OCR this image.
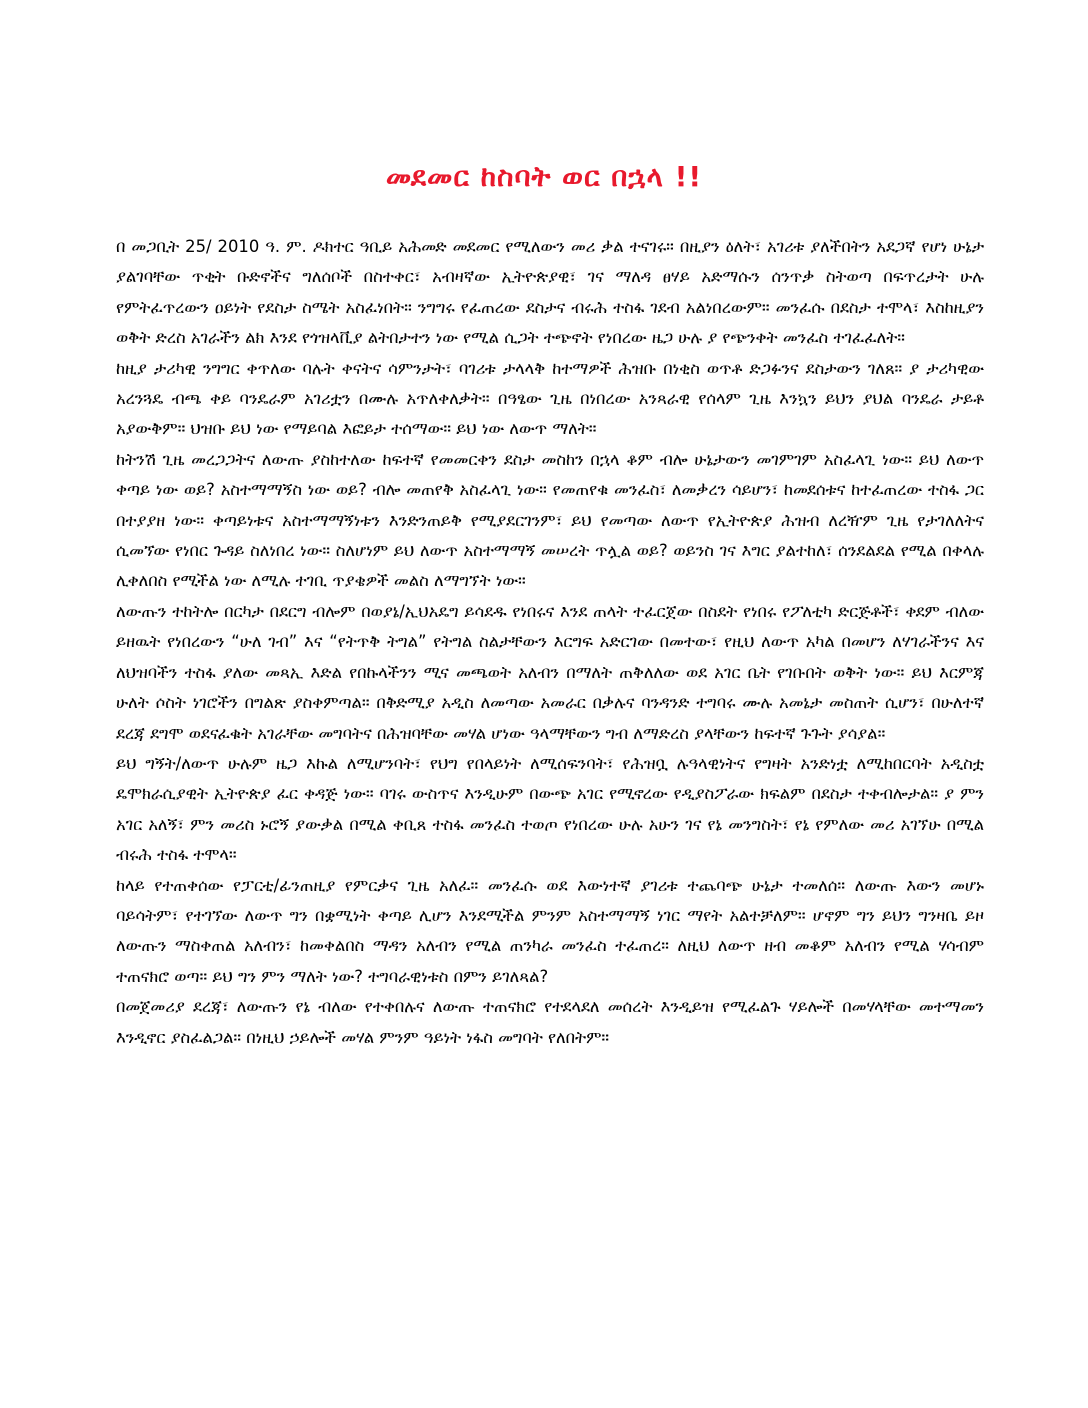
መደመር ከስባት ወር በኋላ !!

በ መጋቢት 25/ 2010 ዓ. ም. ዶክተር ዓቢይ አሕመድ መደመር የሚለውን መሪ ቃል ተናገሩ። በዚያን ዕለት፣ አገሪቱ ያለችበትን አደጋኛ የሆነ ሁኔታ ያልገባቸው ጥቂት ቡድኖችና ግለሰቦች በስተቀር፣ አብዛኛው ኢትዮጵያዊ፣ ገና ማለዳ ፀሃይ አድማሱን ሰንጥቃ ስትወጣ በፍጥረታት ሁሉ የምትፈጥረውን ዐይነት የደስታ ስሜት አስፈነበት። ንግግሩ የፈጠረው ደስታና ብሩሕ ተስፋ ገደብ አልነበረውም። መንፈሱ በደስታ ተሞላ፣ እስከዚያን ወቅት ድረስ አገራችን ልክ እንደ የጎዝላቪያ ልትበታተን ነው የሚል ሲጋት ተጭኖት የነበረው ዜጋ ሁሉ ያ የጭንቀት መንፈስ ተገፈፈለት።

ከዚያ ታሪካዊ ንግግር ቀጥለው ባሉት ቀናትና ሳምንታት፣ ባገሪቱ ታላላቅ ከተማዎች ሕዝቡ በነቂስ ወጥቶ ድጋፉንና ደስታውን ገለጸ። ያ ታሪካዊው አረንጓዴ ብጫ ቀይ ባንዴራም አገሪቷን በሙሉ አጥለቀለቃት። በዓፄው ጊዜ በነበረው አንጻራዊ የሰላም ጊዜ እንኳን ይህን ያህል ባንዴራ ታይቶ አያውቅም። ህዝቡ ይህ ነው የማይባል እፎይታ ተሰማው። ይህ ነው ለውጥ ማለት።

ከትንሽ ጊዜ መረጋጋትና ለውጡ ያስከተለው ከፍተኛ የመመርቀን ደስታ መስከን በኋላ ቆም ብሎ ሁኔታውን መገምገም አስፈላጊ ነው። ይህ ለውጥ ቀጣይ ነው ወይ? አስተማማኝስ ነው ወይ? ብሎ መጠየቅ አስፈላጊ ነው። የመጠየቁ መንፈስ፣ ለመቃረን ሳይሆን፣ ከመደሰቱና ከተፈጠረው ተስፋ ጋር በተያያዘ ነው። ቀጣይነቱና አስተማማኝነቱን እንድንጠይቅ የሚያደርገንም፣ ይህ የመጣው ለውጥ የኢትዮጵያ ሕዝብ ለረዥም ጊዜ የታገለለትና ሲመኘው የነበር ጉዳይ ስለነበረ ነው። ስለሆነም ይህ ለውጥ አስተማማኝ መሠረት ጥሏል ወይ? ወይንስ ገና እግር ያልተከለ፣ ሰንደልደል የሚል በቀላሉ ሊቀለበስ የሚችል ነው ለሚሉ ተገቢ ጥያቄዎች መልስ ለማግኘት ነው።

ለውጡን ተከትሎ በርካታ በደርግ ብሎም በወያኔ/ኢህአዴግ ይሳደዱ የነበሩና እንደ ጠላት ተፈርጀው በስደት የነበሩ የፖለቲካ ድርጅቶች፣ ቀደም ብለው ይዘዉት የነበረውን “ሁለ ገብ” እና “የትጥቅ ትግል” የትግል ስልታቸውን እርግፍ አድርገው በመተው፣ የዚህ ለውጥ አካል በመሆን ለሃገራችንና እና ለህዝባችን ተስፋ ያለው መጻኢ እድል የበኩላችንን ሚና መጫወት አለብን በማለት ጠቅለለው ወደ አገር ቤት የገቡበት ወቅት ነው። ይህ እርምጃ ሁለት ሶስት ነገሮችን በግልጽ ያስቀምጣል። በቅድሚያ አዲስ ለመጣው አመራር በቃሉና ባንዳንድ ተግባሩ ሙሉ አመኔታ መስጠት ሲሆን፣ በሁለተኛ ደረጃ ደግሞ ወደናፈቁት አገራቸው መግባትና በሕዝባቸው መሃል ሆነው ዓላማቸውን ግብ ለማድረስ ያላቸውን ከፍተኛ ጉጉት ያሳያል።

ይህ ግኝት/ለውጥ ሁሉም ዜጋ እኩል ለሚሆንባት፣ የህግ የበላይነት ለሚሰፍንባት፣ የሕዝቧ ሉዓላዊነትና የግዛት አንድነቷ ለሚከበርባት አዲስቷ ዴሞክራሲያዊት ኢትዮጵያ ፈር ቀዳጅ ነው። ባገሩ ውስጥና እንዲሁም በውጭ አገር የሚኖረው የዲያስፖራው ክፍልም በደስታ ተቀብሎታል። ያ ምን አገር አለኝ፣ ምን መሪስ ኑሮኝ ያውቃል በሚል ቀቢጸ ተስፋ መንፈስ ተወጦ የነበረው ሁሉ አሁን ገና የኔ መንግስት፣ የኔ የምለው መሪ አገኘሁ በሚል ብሩሕ ተስፋ ተሞላ።

ከላይ የተጠቀሰው የፓርቲ/ፊንጠዚያ የምርቃና ጊዜ አለፈ። መንፈሱ ወደ እውነተኛ ያገሪቱ ተጨባጭ ሁኔታ ተመለሰ። ለውጡ እውን መሆኑ ባይሳትም፣ የተገኘው ለውጥ ግን በቋሚነት ቀጣይ ሊሆን እንደሚችል ምንም አስተማማኝ ነገር ማየት አልተቻለም። ሆኖም ግን ይህን ግንዛቤ ይዞ ለውጡን ማስቀጠል አለብን፣ ከመቀልበስ ማዳን አለብን የሚል ጠንካራ መንፈስ ተፈጠረ። ለዚህ ለውጥ ዘብ መቆም አለብን የሚል ሃሳብም ተጠናክሮ ወጣ። ይህ ግን ምን ማለት ነው? ተግባራዊነቱስ በምን ይገለጻል?

በመጀመሪያ ደረጃ፣ ለውጡን የኔ ብለው የተቀበሉና ለውጡ ተጠናክሮ የተደላደለ መሰረት እንዲይዝ የሚፈልጉ ሃይሎች በመሃላቸው መተማመን እንዲኖር ያስፈልጋል። በነዚህ ኃይሎች መሃል ምንም ዓይነት ነፋስ መግባት የለበትም።
